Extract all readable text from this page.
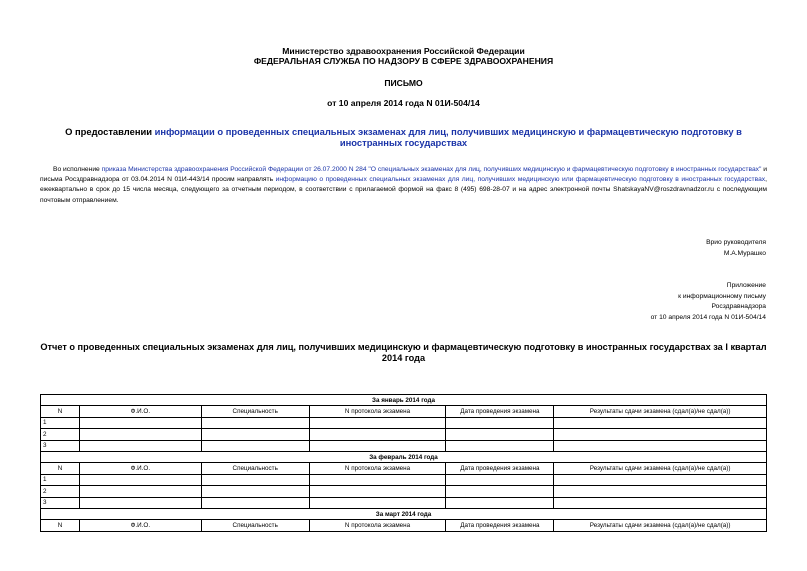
Министерство здравоохранения Российской Федерации
ФЕДЕРАЛЬНАЯ СЛУЖБА ПО НАДЗОРУ В СФЕРЕ ЗДРАВООХРАНЕНИЯ
ПИСЬМО
от 10 апреля 2014 года N 01И-504/14
О предоставлении информации о проведенных специальных экзаменах для лиц, получивших медицинскую и фармацевтическую подготовку в иностранных государствах
Во исполнение приказа Министерства здравоохранения Российской Федерации от 26.07.2000 N 284 "О специальных экзаменах для лиц, получивших медицинскую и фармацевтическую подготовку в иностранных государствах" и письма Росздравнадзора от 03.04.2014 N 01И-443/14 просим направлять информацию о проведенных специальных экзаменах для лиц, получивших медицинскую или фармацевтическую подготовку в иностранных государствах, ежеквартально в срок до 15 числа месяца, следующего за отчетным периодом, в соответствии с прилагаемой формой на факс 8 (495) 698-28-07 и на адрес электронной почты ShatskayaNV@roszdravnadzor.ru с последующим почтовым отправлением.
Врио руководителя
М.А.Мурашко
Приложение
к информационному письму
Росздравнадзора
от 10 апреля 2014 года N 01И-504/14
Отчет о проведенных специальных экзаменах для лиц, получивших медицинскую и фармацевтическую подготовку в иностранных государствах за I квартал 2014 года
За январь 2014 года					
N	Ф.И.О.	Специальность	N протокола экзамена	Дата проведения экзамена	Результаты сдачи экзамена (сдал(а)/не сдал(а))
1					
2					
3					
За февраль 2014 года					
N	Ф.И.О.	Специальность	N протокола экзамена	Дата проведения экзамена	Результаты сдачи экзамена (сдал(а)/не сдал(а))
1					
2					
3					
За март 2014 года					
N	Ф.И.О.	Специальность	N протокола экзамена	Дата проведения экзамена	Результаты сдачи экзамена (сдал(а)/не сдал(а))
